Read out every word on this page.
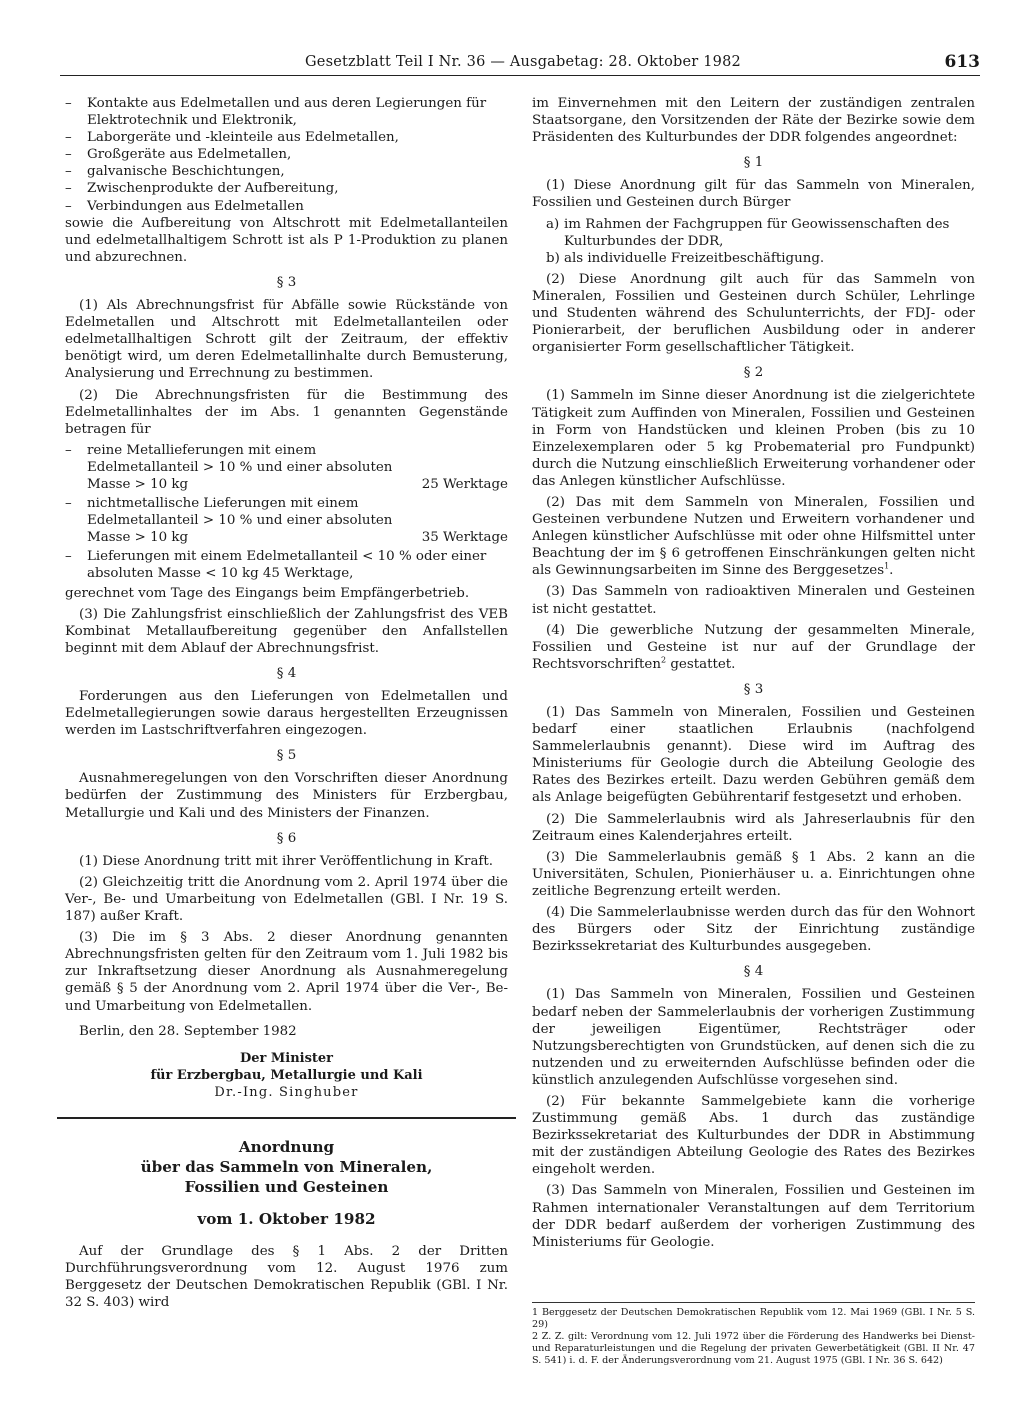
Gesetzblatt Teil I Nr. 36 — Ausgabetag: 28. Oktober 1982	613
– Kontakte aus Edelmetallen und aus deren Legierungen für Elektrotechnik und Elektronik,
– Laborgeräte und -kleinteile aus Edelmetallen,
– Großgeräte aus Edelmetallen,
– galvanische Beschichtungen,
– Zwischenprodukte der Aufbereitung,
– Verbindungen aus Edelmetallen

sowie die Aufbereitung von Altschrott mit Edelmetallanteilen und edelmetallhaltigem Schrott ist als P 1-Produktion zu planen und abzurechnen.

§ 3

(1) Als Abrechnungsfrist für Abfälle sowie Rückstände von Edelmetallen und Altschrott mit Edelmetallanteilen oder edelmetallhaltigen Schrott gilt der Zeitraum, der effektiv benötigt wird, um deren Edelmetallinhalte durch Bemusterung, Analysierung und Errechnung zu bestimmen.

(2) Die Abrechnungsfristen für die Bestimmung des Edelmetallinhaltes der im Abs. 1 genannten Gegenstände betragen für

– reine Metallieferungen mit einem Edelmetallanteil > 10 % und einer absoluten Masse > 10 kg	25 Werktage
– nichtmetallische Lieferungen mit einem Edelmetallanteil > 10 % und einer absoluten Masse > 10 kg	35 Werktage
– Lieferungen mit einem Edelmetallanteil < 10 % oder einer absoluten Masse < 10 kg 45 Werktage,

gerechnet vom Tage des Eingangs beim Empfängerbetrieb.

(3) Die Zahlungsfrist einschließlich der Zahlungsfrist des VEB Kombinat Metallaufbereitung gegenüber den Anfallstellen beginnt mit dem Ablauf der Abrechnungsfrist.

§ 4

Forderungen aus den Lieferungen von Edelmetallen und Edelmetallegierungen sowie daraus hergestellten Erzeugnissen werden im Lastschriftverfahren eingezogen.

§ 5

Ausnahmeregelungen von den Vorschriften dieser Anordnung bedürfen der Zustimmung des Ministers für Erzbergbau, Metallurgie und Kali und des Ministers der Finanzen.

§ 6

(1) Diese Anordnung tritt mit ihrer Veröffentlichung in Kraft.

(2) Gleichzeitig tritt die Anordnung vom 2. April 1974 über die Ver-, Be- und Umarbeitung von Edelmetallen (GBl. I Nr. 19 S. 187) außer Kraft.

(3) Die im § 3 Abs. 2 dieser Anordnung genannten Abrechnungsfristen gelten für den Zeitraum vom 1. Juli 1982 bis zur Inkraftsetzung dieser Anordnung als Ausnahmeregelung gemäß § 5 der Anordnung vom 2. April 1974 über die Ver-, Be- und Umarbeitung von Edelmetallen.

Berlin, den 28. September 1982

Der Minister
für Erzbergbau, Metallurgie und Kali
Dr.-Ing. Singhuber
Anordnung
über das Sammeln von Mineralen,
Fossilien und Gesteinen
vom 1. Oktober 1982

Auf der Grundlage des § 1 Abs. 2 der Dritten Durchführungsverordnung vom 12. August 1976 zum Berggesetz der Deutschen Demokratischen Republik (GBl. I Nr. 32 S. 403) wird

im Einvernehmen mit den Leitern der zuständigen zentralen Staatsorgane, den Vorsitzenden der Räte der Bezirke sowie dem Präsidenten des Kulturbundes der DDR folgendes angeordnet:

§ 1

(1) Diese Anordnung gilt für das Sammeln von Mineralen, Fossilien und Gesteinen durch Bürger

a) im Rahmen der Fachgruppen für Geowissenschaften des Kulturbundes der DDR,
b) als individuelle Freizeitbeschäftigung.

(2) Diese Anordnung gilt auch für das Sammeln von Mineralen, Fossilien und Gesteinen durch Schüler, Lehrlinge und Studenten während des Schulunterrichts, der FDJ- oder Pionierarbeit, der beruflichen Ausbildung oder in anderer organisierter Form gesellschaftlicher Tätigkeit.

§ 2

(1) Sammeln im Sinne dieser Anordnung ist die zielgerichtete Tätigkeit zum Auffinden von Mineralen, Fossilien und Gesteinen in Form von Handstücken und kleinen Proben (bis zu 10 Einzelexemplaren oder 5 kg Probematerial pro Fundpunkt) durch die Nutzung einschließlich Erweiterung vorhandener oder das Anlegen künstlicher Aufschlüsse.

(2) Das mit dem Sammeln von Mineralen, Fossilien und Gesteinen verbundene Nutzen und Erweitern vorhandener und Anlegen künstlicher Aufschlüsse mit oder ohne Hilfsmittel unter Beachtung der im § 6 getroffenen Einschränkungen gelten nicht als Gewinnungsarbeiten im Sinne des Berggesetzes$^1$.

(3) Das Sammeln von radioaktiven Mineralen und Gesteinen ist nicht gestattet.

(4) Die gewerbliche Nutzung der gesammelten Minerale, Fossilien und Gesteine ist nur auf der Grundlage der Rechtsvorschriften$^2$ gestattet.

§ 3

(1) Das Sammeln von Mineralen, Fossilien und Gesteinen bedarf einer staatlichen Erlaubnis (nachfolgend Sammelerlaubnis genannt). Diese wird im Auftrag des Ministeriums für Geologie durch die Abteilung Geologie des Rates des Bezirkes erteilt. Dazu werden Gebühren gemäß dem als Anlage beigefügten Gebührentarif festgesetzt und erhoben.

(2) Die Sammelerlaubnis wird als Jahreserlaubnis für den Zeitraum eines Kalenderjahres erteilt.

(3) Die Sammelerlaubnis gemäß § 1 Abs. 2 kann an die Universitäten, Schulen, Pionierhäuser u. a. Einrichtungen ohne zeitliche Begrenzung erteilt werden.

(4) Die Sammelerlaubnisse werden durch das für den Wohnort des Bürgers oder Sitz der Einrichtung zuständige Bezirkssekretariat des Kulturbundes ausgegeben.

§ 4

(1) Das Sammeln von Mineralen, Fossilien und Gesteinen bedarf neben der Sammelerlaubnis der vorherigen Zustimmung der jeweiligen Eigentümer, Rechtsträger oder Nutzungsberechtigten von Grundstücken, auf denen sich die zu nutzenden und zu erweiternden Aufschlüsse befinden oder die künstlich anzulegenden Aufschlüsse vorgesehen sind.

(2) Für bekannte Sammelgebiete kann die vorherige Zustimmung gemäß Abs. 1 durch das zuständige Bezirkssekretariat des Kulturbundes der DDR in Abstimmung mit der zuständigen Abteilung Geologie des Rates des Bezirkes eingeholt werden.

(3) Das Sammeln von Mineralen, Fossilien und Gesteinen im Rahmen internationaler Veranstaltungen auf dem Territorium der DDR bedarf außerdem der vorherigen Zustimmung des Ministeriums für Geologie.

1 Berggesetz der Deutschen Demokratischen Republik vom 12. Mai 1969 (GBl. I Nr. 5 S. 29)

2 Z. Z. gilt: Verordnung vom 12. Juli 1972 über die Förderung des Handwerks bei Dienst- und Reparaturleistungen und die Regelung der privaten Gewerbetätigkeit (GBl. II Nr. 47 S. 541) i. d. F. der Änderungsverordnung vom 21. August 1975 (GBl. I Nr. 36 S. 642)
